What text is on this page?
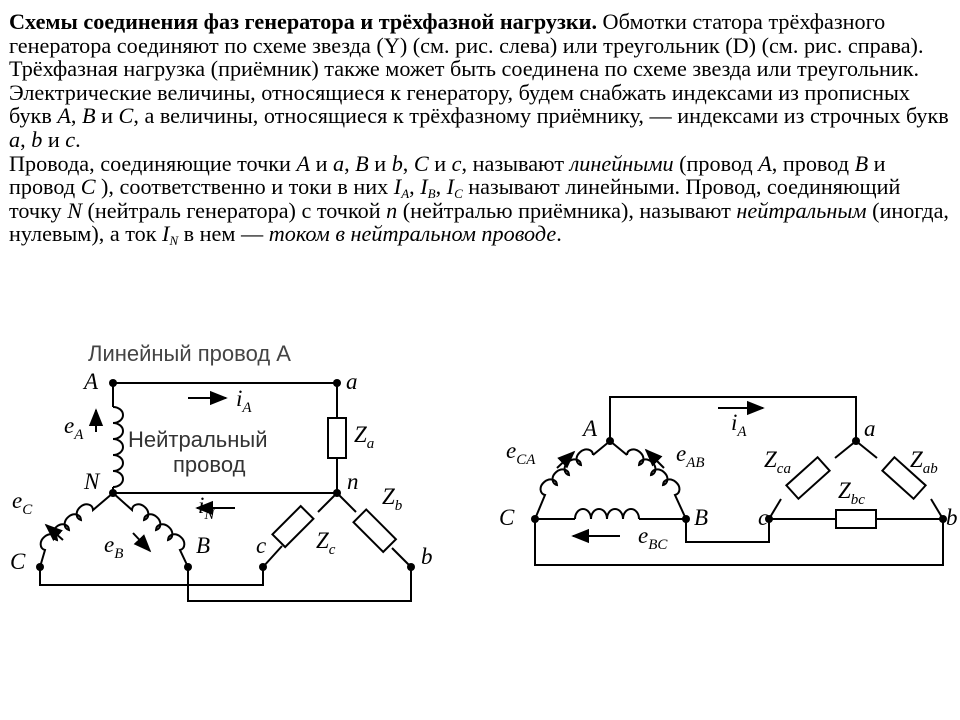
Схемы соединения фаз генератора и трёхфазной нагрузки. Обмотки статора трёхфазного генератора соединяют по схеме звезда (Y) (см. рис. слева) или треугольник (D) (см. рис. справа). Трёхфазная нагрузка (приёмник) также может быть соединена по схеме звезда или треугольник. Электрические величины, относящиеся к генератору, будем снабжать индексами из прописных букв A, B и C, а величины, относящиеся к трёхфазному приёмнику, — индексами из строчных букв a, b и c.

Провода, соединяющие точки A и a, B и b, C и c, называют линейными (провод A, провод B и провод C ), соответственно и токи в них $I_A$, $I_B$, $I_C$ называют линейными. Провод, соединяющий точку N (нейтраль генератора) с точкой n (нейтралью приёмника), называют нейтральным (иногда, нулевым), а ток $I_N$ в нем — током в нейтральном проводе.

Линейный провод A
Нейтральный
провод
A	a
N	n
B
C
c	b
$e_A$
$i_A$
$i_N$
$e_C$
$e_B$
$Z_a$
$Z_b$
$Z_c$
A
C	B
a
c	b
$i_A$
$e_{CA}$	$e_{AB}$
$e_{BC}$
$Z_{ca}$	$Z_{ab}$
$Z_{bc}$
